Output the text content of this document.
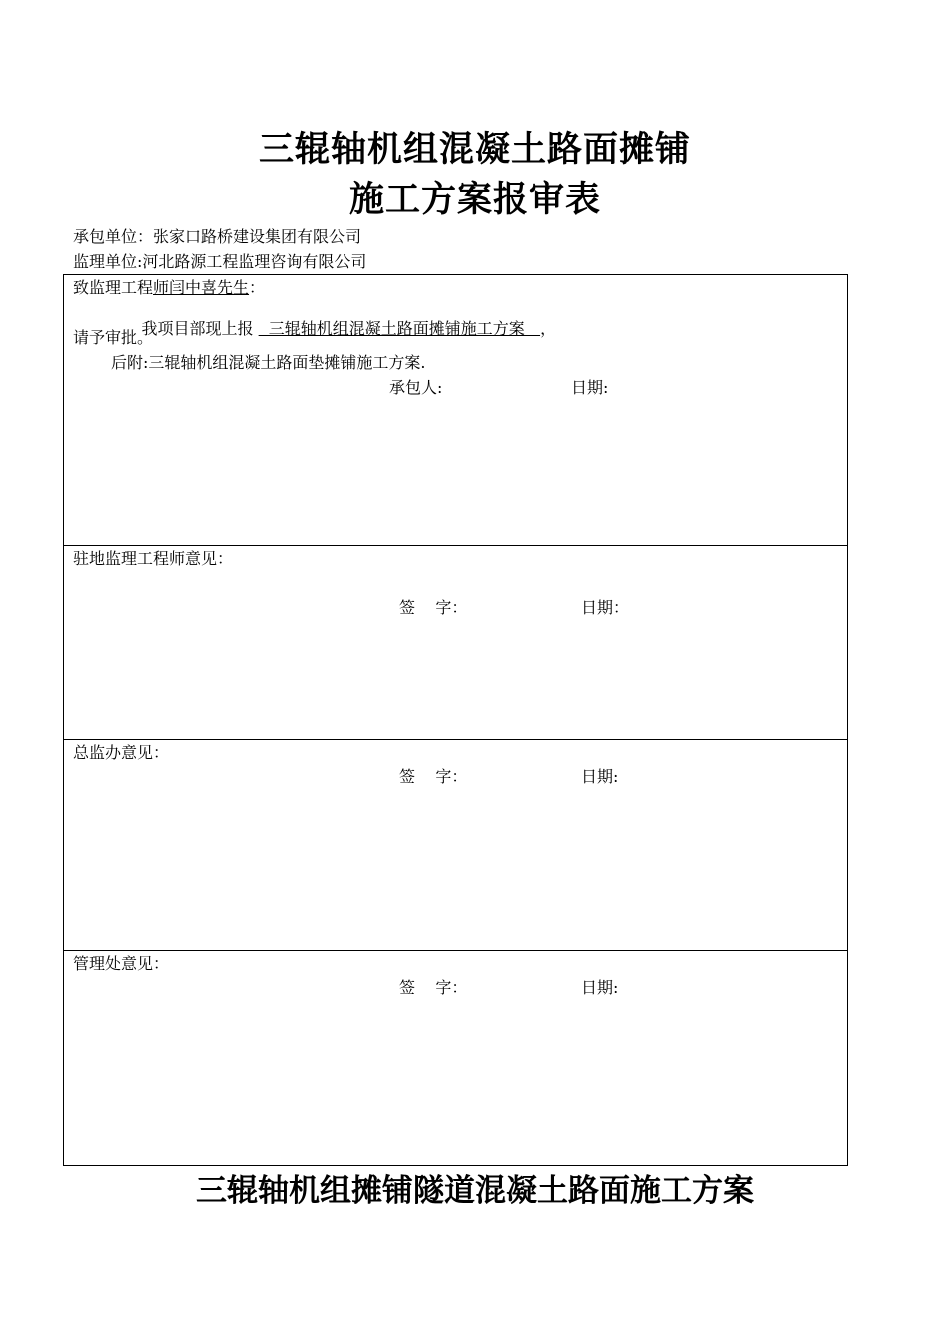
三辊轴机组混凝土路面摊铺
施工方案报审表
承包单位：张家口路桥建设集团有限公司
监理单位:河北路源工程监理咨询有限公司
致监理工程师闫中喜先生：

我项目部现上报   三辊轴机组混凝土路面摊铺施工方案   ，

请予审批。
后附:三辊轴机组混凝土路面垫摊铺施工方案.
承包人:	日期:
驻地监理工程师意见：
签    字：	日期：
总监办意见：
签    字：	日期:
管理处意见：
签    字：	日期:
三辊轴机组摊铺隧道混凝土路面施工方案
